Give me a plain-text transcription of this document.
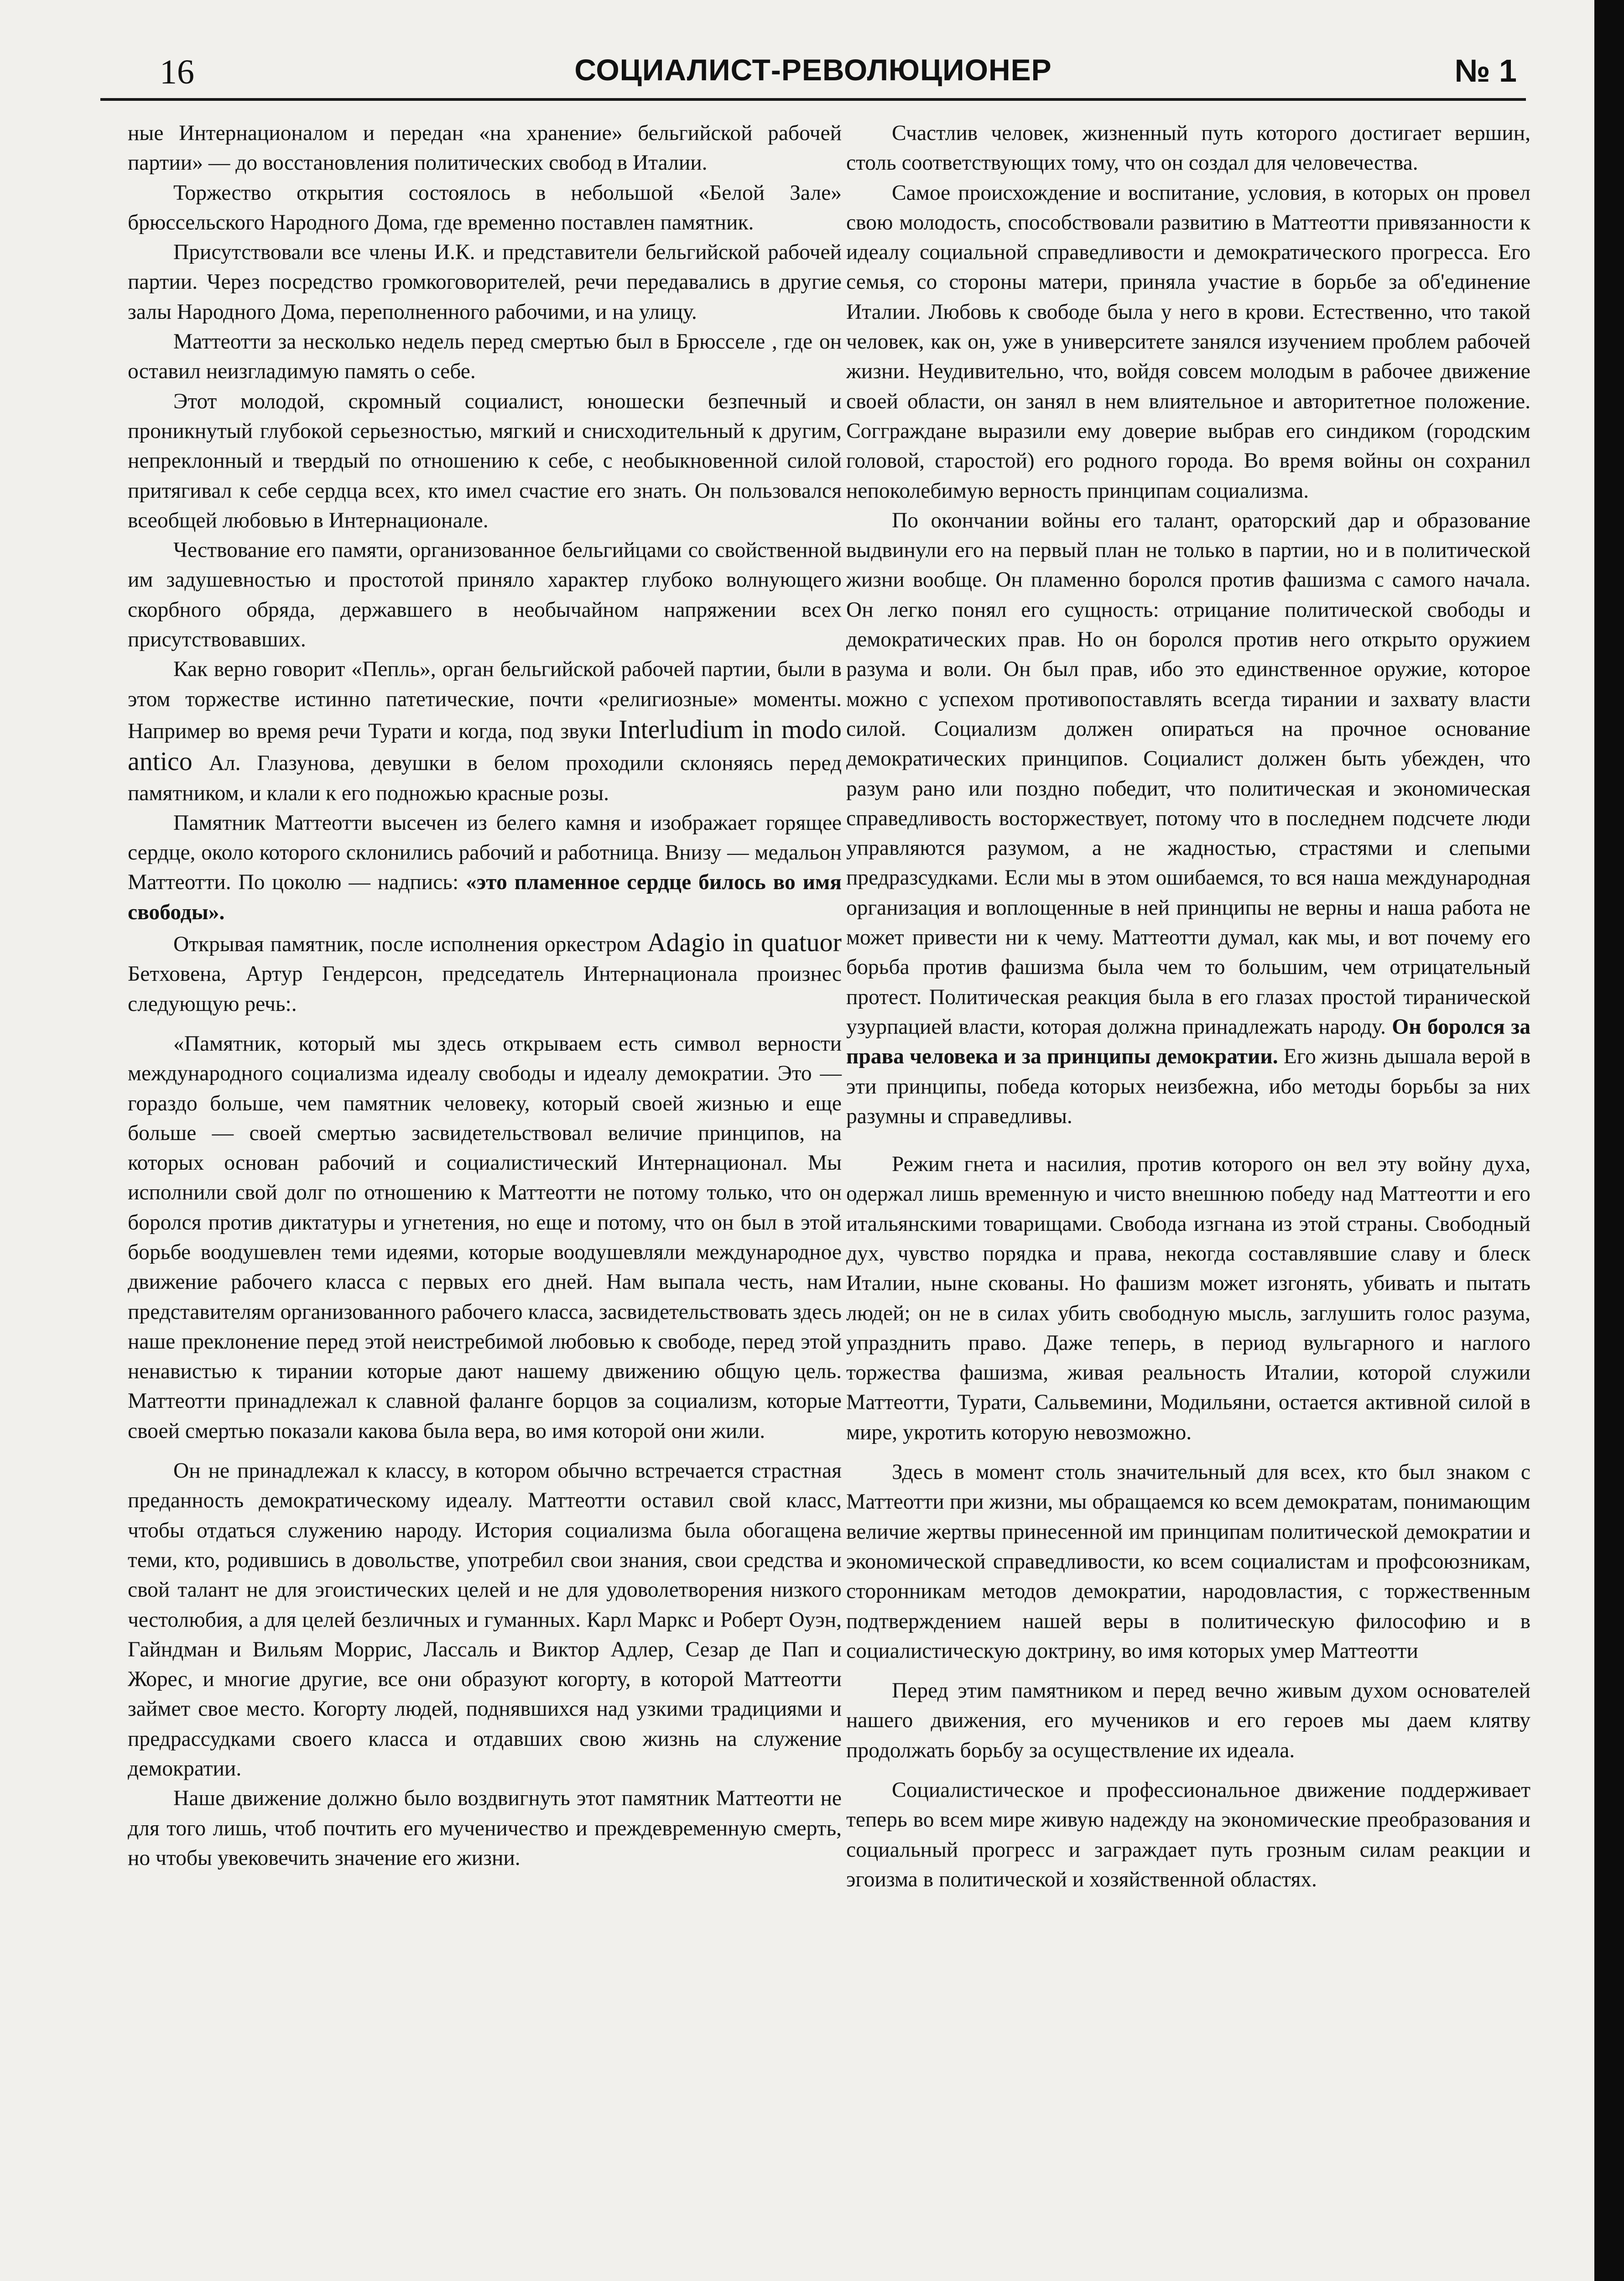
16	СОЦИАЛИСТ-РЕВОЛЮЦИОНЕР	№ 1

ные Интернационалом и передан «на хранение» бельгийской рабочей партии» — до восстановления политических свобод в Италии.

Торжество открытия состоялось в небольшой «Белой Зале» брюссельского Народного Дома, где временно поставлен памятник.

Присутствовали все члены И.К. и представители бельгийской рабочей партии. Через посредство громкоговорителей, речи передавались в другие залы Народного Дома, переполненного рабочими, и на улицу.

Маттеотти за несколько недель перед смертью был в Брюсселе , где он оставил неизгладимую память о себе.

Этот молодой, скромный социалист, юношески безпечный и проникнутый глубокой серьезностью, мягкий и снисходительный к другим, непреклонный и твердый по отношению к себе, с необыкновенной силой притягивал к себе сердца всех, кто имел счастие его знать. Он пользовался всеобщей любовью в Интернационале.

Чествование его памяти, организованное бельгийцами со свойственной им задушевностью и простотой приняло характер глубоко волнующего скорбного обряда, державшего в необычайном напряжении всех присутствовавших.

Как верно говорит «Пепль», орган бельгийской рабочей партии, были в этом торжестве истинно патетические, почти «религиозные» моменты. Например во время речи Турати и когда, под звуки Interludium in modo antico Ал. Глазунова, девушки в белом проходили склоняясь перед памятником, и клали к его подножью красные розы.

Памятник Маттеотти высечен из белего камня и изображает горящее сердце, около которого склонились рабочий и работница. Внизу — медальон Маттеотти. По цоколю — надпись: «это пламенное сердце билось во имя свободы».

Открывая памятник, после исполнения оркестром Adagio in quatuor Бетховена, Артур Гендерсон, председатель Интернационала произнес следующую речь:.

«Памятник, который мы здесь открываем есть символ верности международного социализма идеалу свободы и идеалу демократии. Это — гораздо больше, чем памятник человеку, который своей жизнью и еще больше — своей смертью засвидетельствовал величие принципов, на которых основан рабочий и социалистический Интернационал. Мы исполнили свой долг по отношению к Маттеотти не потому только, что он боролся против диктатуры и угнетения, но еще и потому, что он был в этой борьбе воодушевлен теми идеями, которые воодушевляли международное движение рабочего класса с первых его дней. Нам выпала честь, нам представителям организованного рабочего класса, засвидетельствовать здесь наше преклонение перед этой неистребимой любовью к свободе, перед этой ненавистью к тирании которые дают нашему движению общую цель. Маттеотти принадлежал к славной фаланге борцов за социализм, которые своей смертью показали какова была вера, во имя которой они жили.

Он не принадлежал к классу, в котором обычно встречается страстная преданность демократическому идеалу. Маттеотти оставил свой класс, чтобы отдаться служению народу. История социализма была обогащена теми, кто, родившись в довольстве, употребил свои знания, свои средства и свой талант не для эгоистических целей и не для удоволетворения низкого честолюбия, а для целей безличных и гуманных. Карл Маркс и Роберт Оуэн, Гайндман и Вильям Моррис, Лассаль и Виктор Адлер, Сезар де Пап и Жорес, и многие другие, все они образуют когорту, в которой Маттеотти займет свое место. Когорту людей, поднявшихся над узкими традициями и предрассудками своего класса и отдавших свою жизнь на служение демократии.

Наше движение должно было воздвигнуть этот памятник Маттеотти не для того лишь, чтоб почтить его мученичество и преждевременную смерть, но чтобы увековечить значение его жизни.

Счастлив человек, жизненный путь которого достигает вершин, столь соответствующих тому, что он создал для человечества.

Самое происхождение и воспитание, условия, в которых он провел свою молодость, способствовали развитию в Маттеотти привязанности к идеалу социальной справедливости и демократического прогресса. Его семья, со стороны матери, приняла участие в борьбе за об'единение Италии. Любовь к свободе была у него в крови. Естественно, что такой человек, как он, уже в университете занялся изучением проблем рабочей жизни. Неудивительно, что, войдя совсем молодым в рабочее движение своей области, он занял в нем влиятельное и авторитетное положение. Согграждане выразили ему доверие выбрав его синдиком (городским головой, старостой) его родного города. Во время войны он сохранил непоколебимую верность принципам социализма.

По окончании войны его талант, ораторский дар и образование выдвинули его на первый план не только в партии, но и в политической жизни вообще. Он пламенно боролся против фашизма с самого начала. Он легко понял его сущность: отрицание политической свободы и демократических прав. Но он боролся против него открыто оружием разума и воли. Он был прав, ибо это единственное оружие, которое можно с успехом противопоставлять всегда тирании и захвату власти силой. Социализм должен опираться на прочное основание демократических принципов. Социалист должен быть убежден, что разум рано или поздно победит, что политическая и экономическая справедливость восторжествует, потому что в последнем подсчете люди управляются разумом, а не жадностью, страстями и слепыми предразсудками. Если мы в этом ошибаемся, то вся наша международная организация и воплощенные в ней принципы не верны и наша работа не может привести ни к чему. Маттеотти думал, как мы, и вот почему его борьба против фашизма была чем то большим, чем отрицательный протест. Политическая реакция была в его глазах простой тиранической узурпацией власти, которая должна принадлежать народу. Он боролся за права человека и за принципы демократии. Его жизнь дышала верой в эти принципы, победа которых неизбежна, ибо методы борьбы за них разумны и справедливы.

Режим гнета и насилия, против которого он вел эту войну духа, одержал лишь временную и чисто внешнюю победу над Маттеотти и его итальянскими товарищами. Свобода изгнана из этой страны. Свободный дух, чувство порядка и права, некогда составлявшие славу и блеск Италии, ныне скованы. Но фашизм может изгонять, убивать и пытать людей; он не в силах убить свободную мысль, заглушить голос разума, упразднить право. Даже теперь, в период вульгарного и наглого торжества фашизма, живая реальность Италии, которой служили Маттеотти, Турати, Сальвемини, Модильяни, остается активной силой в мире, укротить которую невозможно.

Здесь в момент столь значительный для всех, кто был знаком с Маттеотти при жизни, мы обращаемся ко всем демократам, понимающим величие жертвы принесенной им принципам политической демократии и экономической справедливости, ко всем социалистам и профсоюзникам, сторонникам методов демократии, народовластия, с торжественным подтверждением нашей веры в политическую философию и в социалистическую доктрину, во имя которых умер Маттеотти

Перед этим памятником и перед вечно живым духом основателей нашего движения, его мучеников и его героев мы даем клятву продолжать борьбу за осуществление их идеала.

Социалистическое и профессиональное движение поддерживает теперь во всем мире живую надежду на экономические преобразования и социальный прогресс и заграждает путь грозным силам реакции и эгоизма в политической и хозяйственной областях.
